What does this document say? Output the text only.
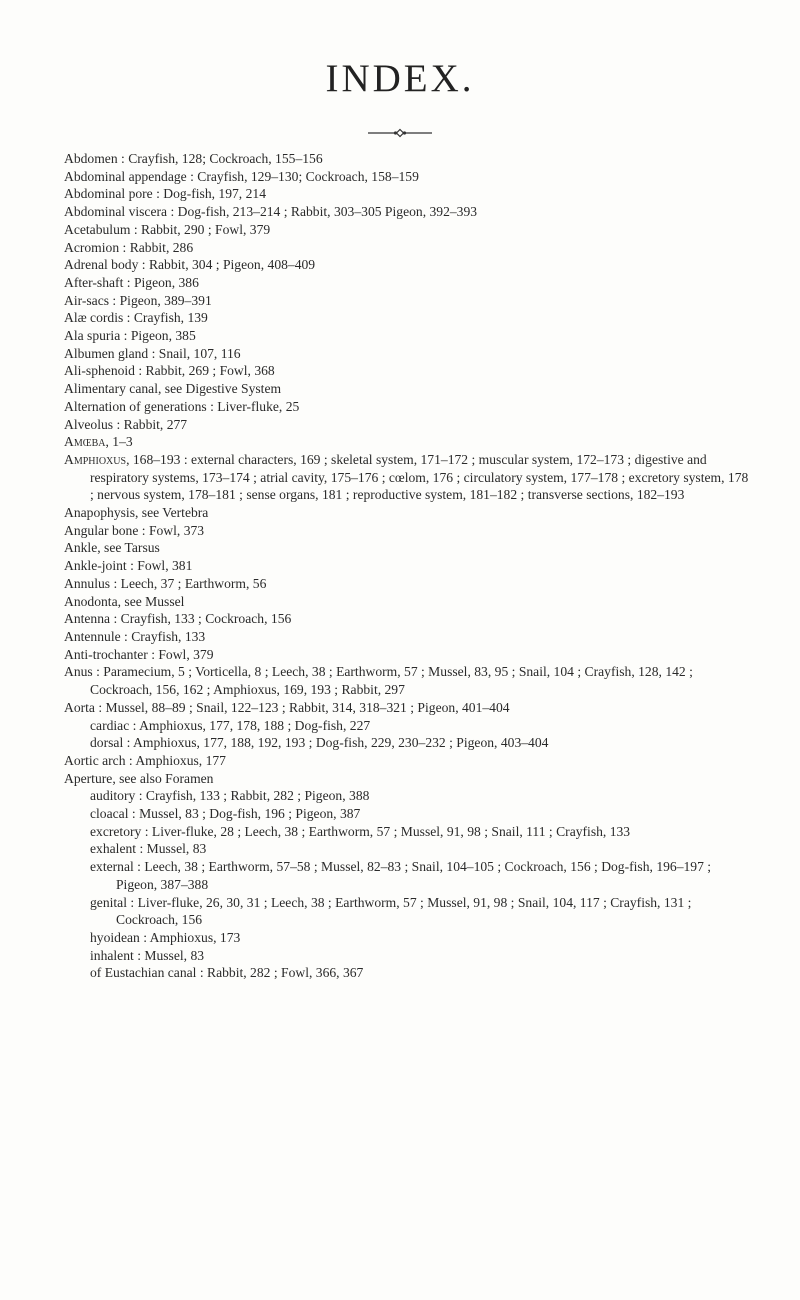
INDEX.
Abdomen : Crayfish, 128; Cockroach, 155–156
Abdominal appendage : Crayfish, 129–130; Cockroach, 158–159
Abdominal pore : Dog-fish, 197, 214
Abdominal viscera : Dog-fish, 213–214 ; Rabbit, 303–305 Pigeon, 392–393
Acetabulum : Rabbit, 290 ; Fowl, 379
Acromion : Rabbit, 286
Adrenal body : Rabbit, 304 ; Pigeon, 408–409
After-shaft : Pigeon, 386
Air-sacs : Pigeon, 389–391
Alæ cordis : Crayfish, 139
Ala spuria : Pigeon, 385
Albumen gland : Snail, 107, 116
Ali-sphenoid : Rabbit, 269 ; Fowl, 368
Alimentary canal, see Digestive System
Alternation of generations : Liver-fluke, 25
Alveolus : Rabbit, 277
Amœba, 1–3
Amphioxus, 168–193 : external characters, 169 ; skeletal system, 171–172 ; muscular system, 172–173 ; digestive and respiratory systems, 173–174 ; atrial cavity, 175–176 ; cœlom, 176 ; circulatory system, 177–178 ; excretory system, 178 ; nervous system, 178–181 ; sense organs, 181 ; reproductive system, 181–182 ; transverse sections, 182–193
Anapophysis, see Vertebra
Angular bone : Fowl, 373
Ankle, see Tarsus
Ankle-joint : Fowl, 381
Annulus : Leech, 37 ; Earthworm, 56
Anodonta, see Mussel
Antenna : Crayfish, 133 ; Cockroach, 156
Antennule : Crayfish, 133
Anti-trochanter : Fowl, 379
Anus : Paramecium, 5 ; Vorticella, 8 ; Leech, 38 ; Earthworm, 57 ; Mussel, 83, 95 ; Snail, 104 ; Crayfish, 128, 142 ; Cockroach, 156, 162 ; Amphioxus, 169, 193 ; Rabbit, 297
Aorta : Mussel, 88–89 ; Snail, 122–123 ; Rabbit, 314, 318–321 ; Pigeon, 401–404
cardiac : Amphioxus, 177, 178, 188 ; Dog-fish, 227
dorsal : Amphioxus, 177, 188, 192, 193 ; Dog-fish, 229, 230–232 ; Pigeon, 403–404
Aortic arch : Amphioxus, 177
Aperture, see also Foramen
auditory : Crayfish, 133 ; Rabbit, 282 ; Pigeon, 388
cloacal : Mussel, 83 ; Dog-fish, 196 ; Pigeon, 387
excretory : Liver-fluke, 28 ; Leech, 38 ; Earthworm, 57 ; Mussel, 91, 98 ; Snail, 111 ; Crayfish, 133
exhalent : Mussel, 83
external : Leech, 38 ; Earthworm, 57–58 ; Mussel, 82–83 ; Snail, 104–105 ; Cockroach, 156 ; Dog-fish, 196–197 ; Pigeon, 387–388
genital : Liver-fluke, 26, 30, 31 ; Leech, 38 ; Earthworm, 57 ; Mussel, 91, 98 ; Snail, 104, 117 ; Crayfish, 131 ; Cockroach, 156
hyoidean : Amphioxus, 173
inhalent : Mussel, 83
of Eustachian canal : Rabbit, 282 ; Fowl, 366, 367
